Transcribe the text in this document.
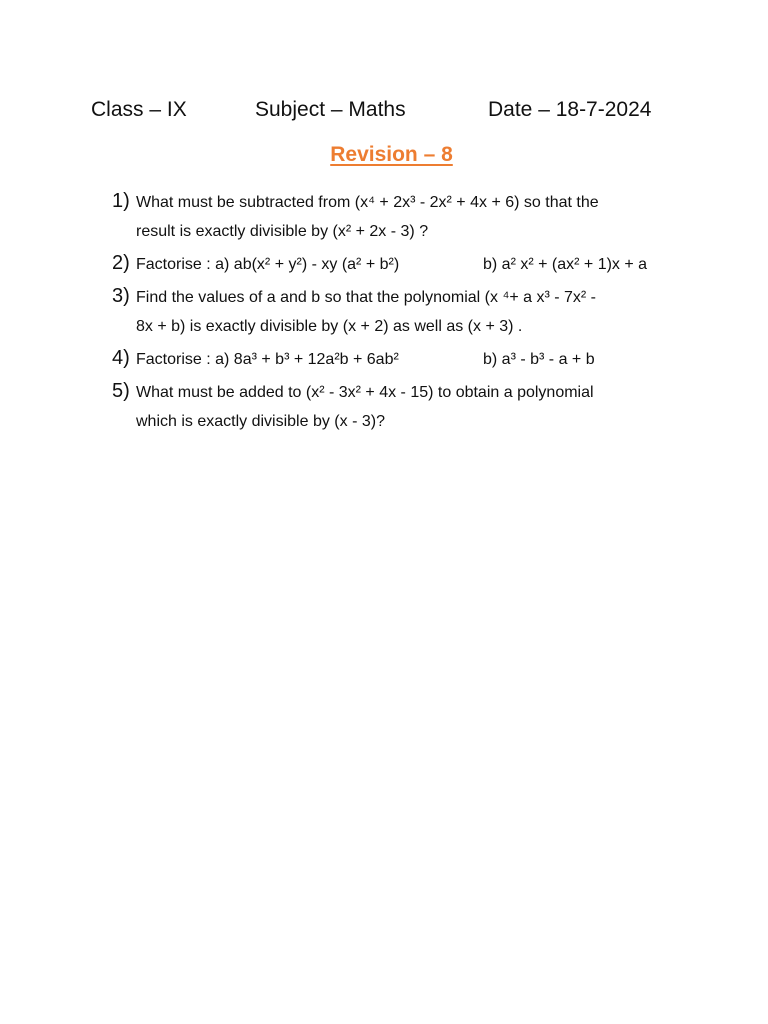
Class – IX	Subject – Maths	Date – 18-7-2024
Revision – 8
1) What must be subtracted from (x⁴ + 2x³ - 2x² + 4x + 6) so that the
result is exactly divisible by (x² + 2x - 3) ?
2) Factorise : a) ab(x² + y²) - xy (a² + b²)	b) a² x² + (ax² + 1)x + a
3) Find the values of a and b so that the polynomial (x ⁴+ a x³ - 7x² -
8x + b) is exactly divisible by (x + 2) as well as (x + 3) .
4) Factorise : a) 8a³ + b³ + 12a²b + 6ab²	b) a³ - b³ - a + b
5) What must be added to (x² - 3x² + 4x - 15) to obtain a polynomial
which is exactly divisible by (x - 3)?
